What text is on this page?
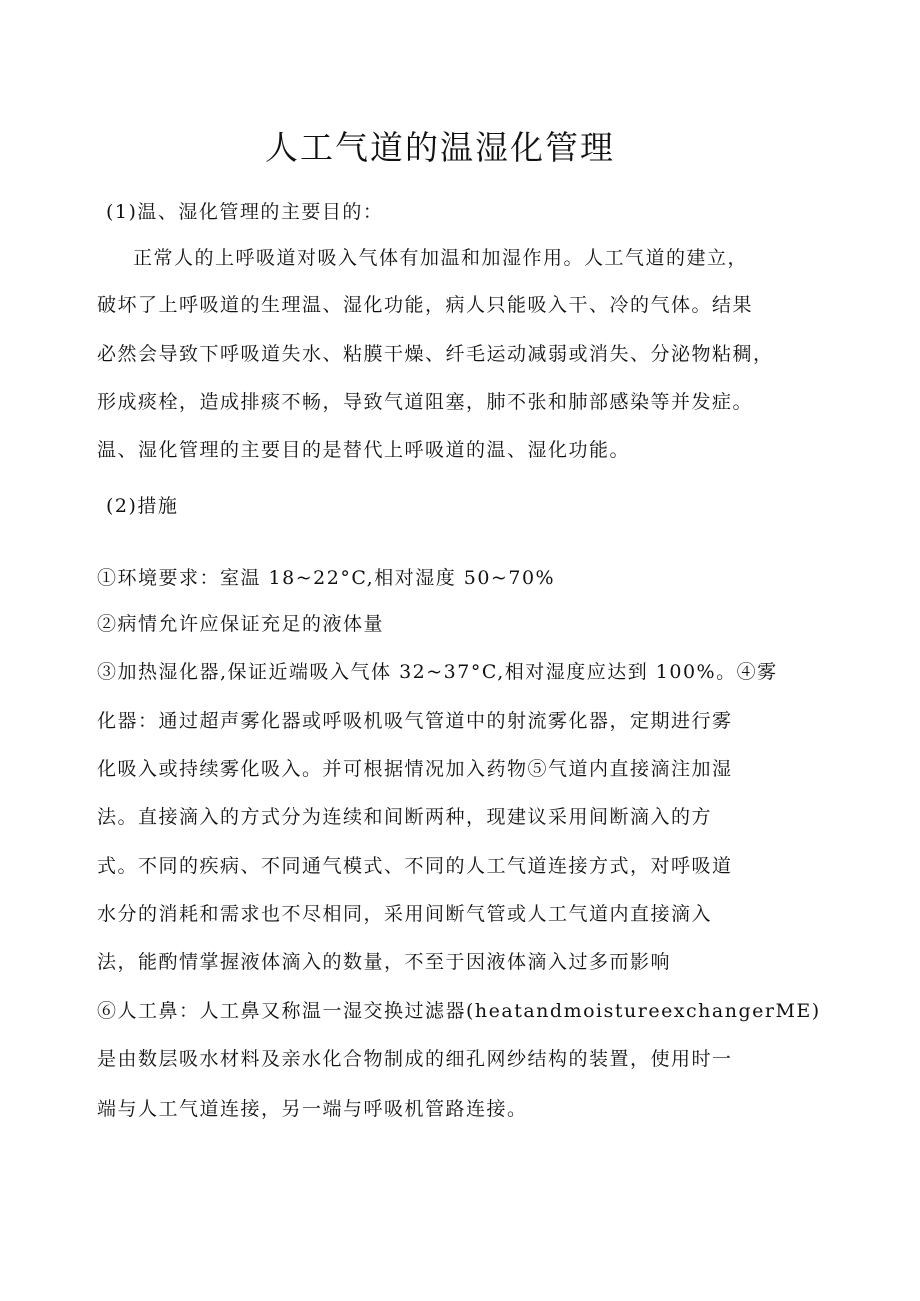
人工气道的温湿化管理
(1)温、湿化管理的主要目的：
正常人的上呼吸道对吸入气体有加温和加湿作用。人工气道的建立，
破坏了上呼吸道的生理温、湿化功能，病人只能吸入干、冷的气体。结果
必然会导致下呼吸道失水、粘膜干燥、纤毛运动减弱或消失、分泌物粘稠，
形成痰栓，造成排痰不畅，导致气道阻塞，肺不张和肺部感染等并发症。
温、湿化管理的主要目的是替代上呼吸道的温、湿化功能。
(2)措施
①环境要求：室温 18~22°C,相对湿度 50~70%
②病情允许应保证充足的液体量
③加热湿化器,保证近端吸入气体 32~37°C,相对湿度应达到 100%。④雾
化器：通过超声雾化器或呼吸机吸气管道中的射流雾化器，定期进行雾
化吸入或持续雾化吸入。并可根据情况加入药物⑤气道内直接滴注加湿
法。直接滴入的方式分为连续和间断两种，现建议采用间断滴入的方
式。不同的疾病、不同通气模式、不同的人工气道连接方式，对呼吸道
水分的消耗和需求也不尽相同，采用间断气管或人工气道内直接滴入
法，能酌情掌握液体滴入的数量，不至于因液体滴入过多而影响
⑥人工鼻：人工鼻又称温一湿交换过滤器(heatandmoistureexchangerME)
是由数层吸水材料及亲水化合物制成的细孔网纱结构的装置，使用时一
端与人工气道连接，另一端与呼吸机管路连接。
